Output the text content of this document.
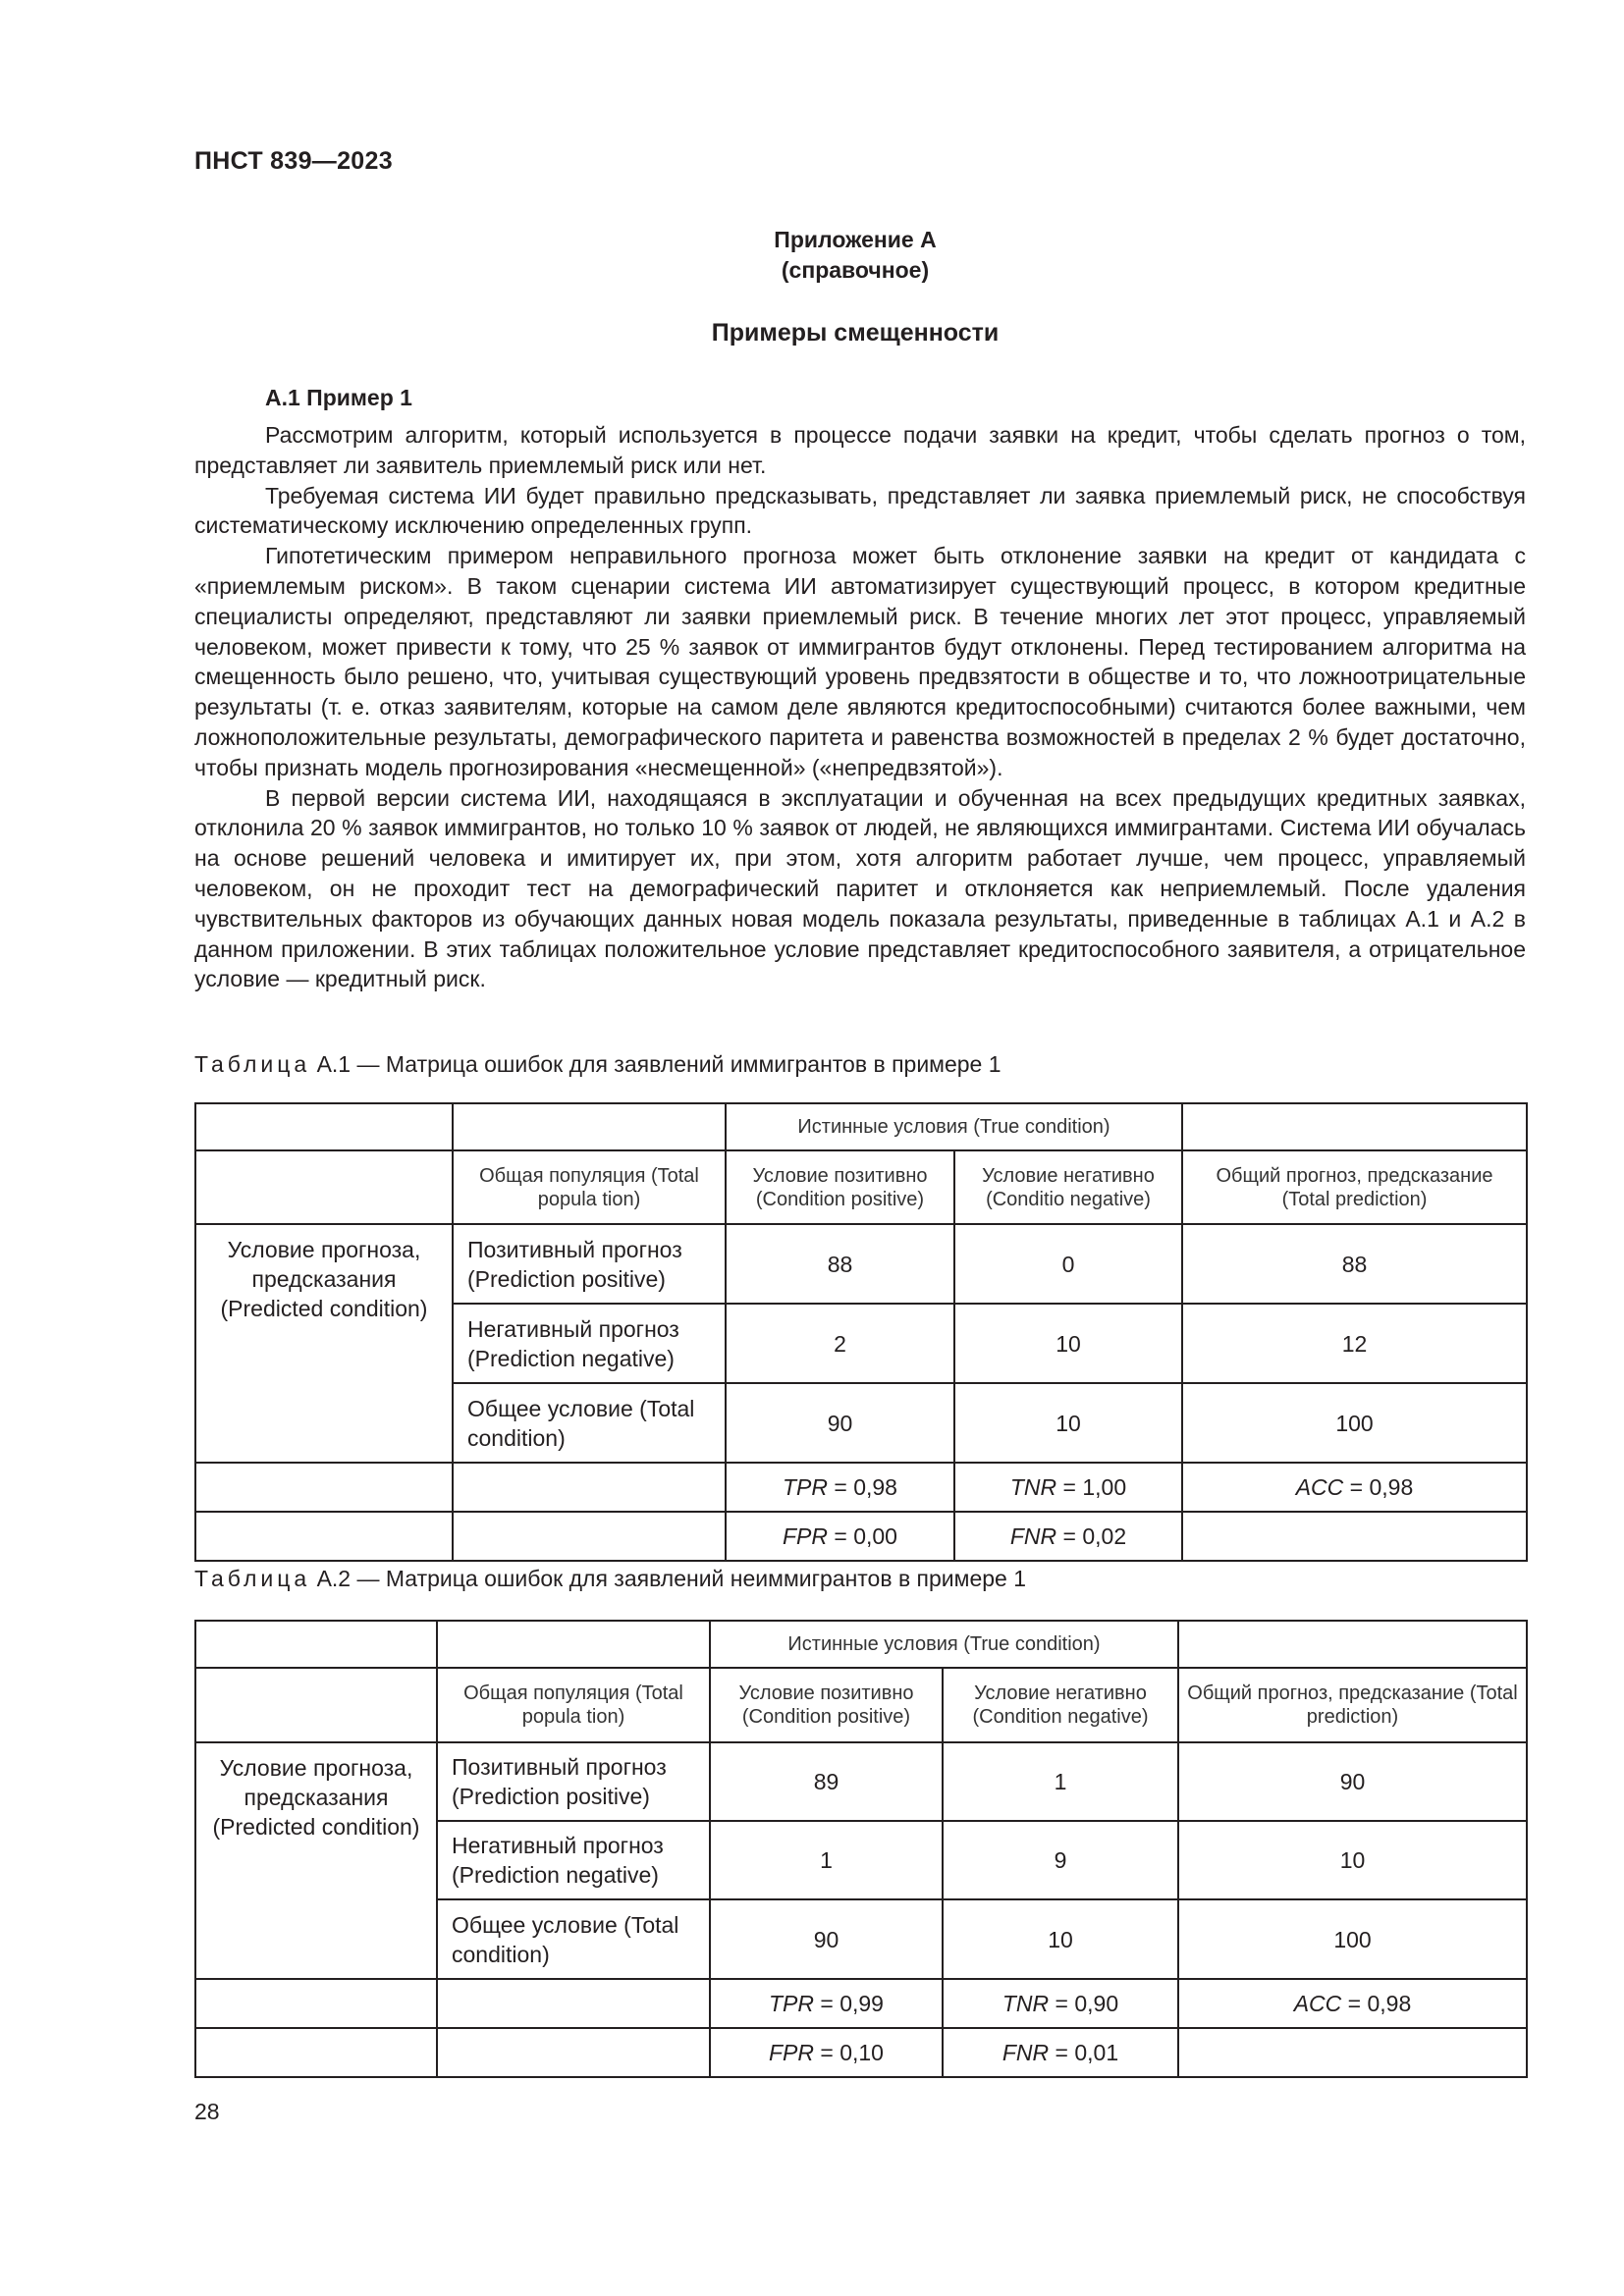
ПНСТ 839—2023
Приложение А
(справочное)
Примеры смещенности
А.1 Пример 1

Рассмотрим алгоритм, который используется в процессе подачи заявки на кредит, чтобы сделать прогноз о том, представляет ли заявитель приемлемый риск или нет.

Требуемая система ИИ будет правильно предсказывать, представляет ли заявка приемлемый риск, не способствуя систематическому исключению определенных групп.

Гипотетическим примером неправильного прогноза может быть отклонение заявки на кредит от кандидата с «приемлемым риском». В таком сценарии система ИИ автоматизирует существующий процесс, в котором кредитные специалисты определяют, представляют ли заявки приемлемый риск. В течение многих лет этот процесс, управляемый человеком, может привести к тому, что 25 % заявок от иммигрантов будут отклонены. Перед тестированием алгоритма на смещенность было решено, что, учитывая существующий уровень предвзятости в обществе и то, что ложноотрицательные результаты (т. е. отказ заявителям, которые на самом деле являются кредитоспособными) считаются более важными, чем ложноположительные результаты, демографического паритета и равенства возможностей в пределах 2 % будет достаточно, чтобы признать модель прогнозирования «несмещенной» («непредвзятой»).

В первой версии система ИИ, находящаяся в эксплуатации и обученная на всех предыдущих кредитных заявках, отклонила 20 % заявок иммигрантов, но только 10 % заявок от людей, не являющихся иммигрантами. Система ИИ обучалась на основе решений человека и имитирует их, при этом, хотя алгоритм работает лучше, чем процесс, управляемый человеком, он не проходит тест на демографический паритет и отклоняется как неприемлемый. После удаления чувствительных факторов из обучающих данных новая модель показала результаты, приведенные в таблицах А.1 и А.2 в данном приложении. В этих таблицах положительное условие представляет кредитоспособного заявителя, а отрицательное условие — кредитный риск.

Таблица А.1 — Матрица ошибок для заявлений иммигрантов в примере 1
		Истинные условия (True condition)		
	Общая популяция (Total popula tion)	Условие позитивно (Condition positive)	Условие негативно (Conditio negative)	Общий прогноз, предсказание (Total prediction)
Условие прогноза, предсказания (Predicted condition)	Позитивный прогноз (Prediction positive)	88	0	88
	Негативный прогноз (Prediction negative)	2	10	12
	Общее условие (Total condition)	90	10	100
		TPR = 0,98	TNR = 1,00	ACC = 0,98
		FPR = 0,00	FNR = 0,02	
Таблица А.2 — Матрица ошибок для заявлений неиммигрантов в примере 1
		Истинные условия (True condition)		
	Общая популяция (Total popula tion)	Условие позитивно (Condition positive)	Условие негативно (Condition negative)	Общий прогноз, предсказание (Total prediction)
Условие прогноза, предсказания (Predicted condition)	Позитивный прогноз (Prediction positive)	89	1	90
	Негативный прогноз (Prediction negative)	1	9	10
	Общее условие (Total condition)	90	10	100
		TPR = 0,99	TNR = 0,90	ACC = 0,98
		FPR = 0,10	FNR = 0,01	
28
